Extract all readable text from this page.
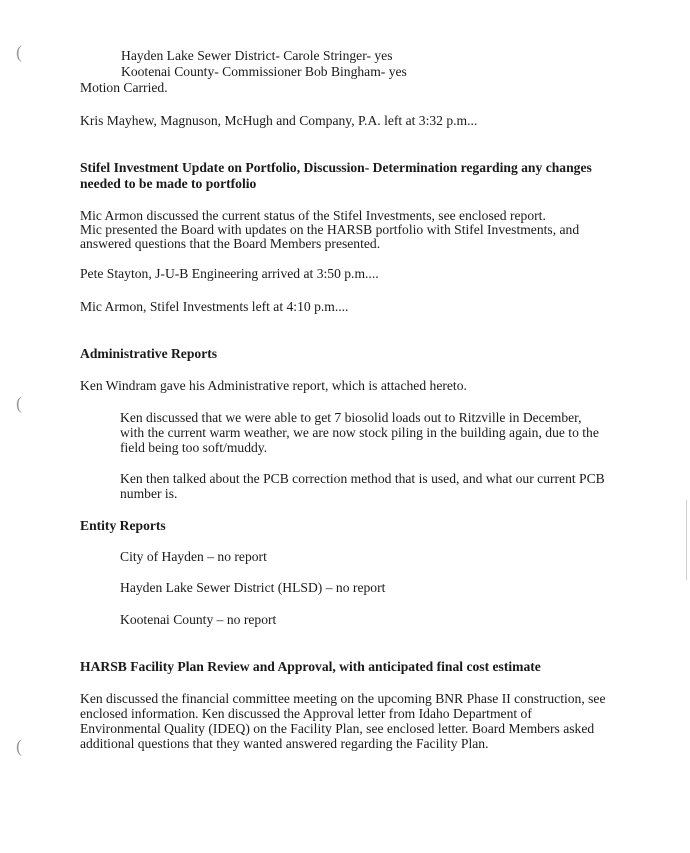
(
(
(
Hayden Lake Sewer District- Carole Stringer- yes
Kootenai County- Commissioner Bob Bingham- yes
Motion Carried.
Kris Mayhew, Magnuson, McHugh and Company, P.A. left at 3:32 p.m...
Stifel Investment Update on Portfolio, Discussion- Determination regarding any changes
needed to be made to portfolio
Mic Armon discussed the current status of the Stifel Investments, see enclosed report.
Mic presented the Board with updates on the HARSB portfolio with Stifel Investments, and
answered questions that the Board Members presented.
Pete Stayton, J-U-B Engineering arrived at 3:50 p.m....
Mic Armon, Stifel Investments left at 4:10 p.m....
Administrative Reports
Ken Windram gave his Administrative report, which is attached hereto.
Ken discussed that we were able to get 7 biosolid loads out to Ritzville in December,
with the current warm weather, we are now stock piling in the building again, due to the
field being too soft/muddy.
Ken then talked about the PCB correction method that is used, and what our current PCB
number is.
Entity Reports
City of Hayden – no report
Hayden Lake Sewer District (HLSD) – no report
Kootenai County – no report
HARSB Facility Plan Review and Approval, with anticipated final cost estimate
Ken discussed the financial committee meeting on the upcoming BNR Phase II construction, see
enclosed information. Ken discussed the Approval letter from Idaho Department of
Environmental Quality (IDEQ) on the Facility Plan, see enclosed letter. Board Members asked
additional questions that they wanted answered regarding the Facility Plan.
